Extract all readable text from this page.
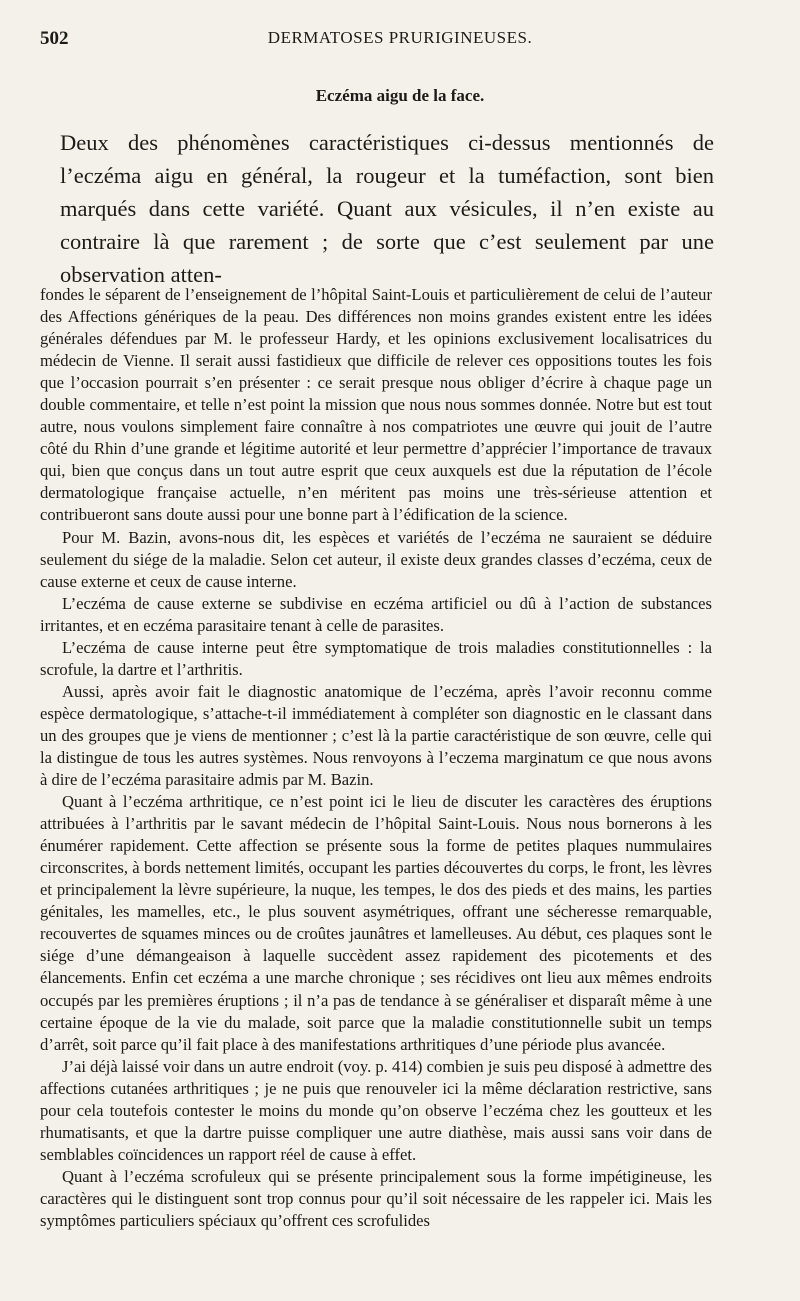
502	DERMATOSES PRURIGINEUSES.
Eczéma aigu de la face.

Deux des phénomènes caractéristiques ci-dessus mentionnés de l’eczéma aigu en général, la rougeur et la tuméfaction, sont bien marqués dans cette variété. Quant aux vésicules, il n’en existe au contraire là que rarement ; de sorte que c’est seulement par une observation atten-

fondes le séparent de l’enseignement de l’hôpital Saint-Louis et particulièrement de celui de l’auteur des Affections génériques de la peau. Des différences non moins grandes existent entre les idées générales défendues par M. le professeur Hardy, et les opinions exclusivement localisatrices du médecin de Vienne. Il serait aussi fastidieux que difficile de relever ces oppositions toutes les fois que l’occasion pourrait s’en présenter : ce serait presque nous obliger d’écrire à chaque page un double commentaire, et telle n’est point la mission que nous nous sommes donnée. Notre but est tout autre, nous voulons simplement faire connaître à nos compatriotes une œuvre qui jouit de l’autre côté du Rhin d’une grande et légitime autorité et leur permettre d’apprécier l’importance de travaux qui, bien que conçus dans un tout autre esprit que ceux auxquels est due la réputation de l’école dermatologique française actuelle, n’en méritent pas moins une très-sérieuse attention et contribueront sans doute aussi pour une bonne part à l’édification de la science.

Pour M. Bazin, avons-nous dit, les espèces et variétés de l’eczéma ne sauraient se déduire seulement du siége de la maladie. Selon cet auteur, il existe deux grandes classes d’eczéma, ceux de cause externe et ceux de cause interne.

L’eczéma de cause externe se subdivise en eczéma artificiel ou dû à l’action de substances irritantes, et en eczéma parasitaire tenant à celle de parasites.

L’eczéma de cause interne peut être symptomatique de trois maladies constitutionnelles : la scrofule, la dartre et l’arthritis.

Aussi, après avoir fait le diagnostic anatomique de l’eczéma, après l’avoir reconnu comme espèce dermatologique, s’attache-t-il immédiatement à compléter son diagnostic en le classant dans un des groupes que je viens de mentionner ; c’est là la partie caractéristique de son œuvre, celle qui la distingue de tous les autres systèmes. Nous renvoyons à l’eczema marginatum ce que nous avons à dire de l’eczéma parasitaire admis par M. Bazin.

Quant à l’eczéma arthritique, ce n’est point ici le lieu de discuter les caractères des éruptions attribuées à l’arthritis par le savant médecin de l’hôpital Saint-Louis. Nous nous bornerons à les énumérer rapidement. Cette affection se présente sous la forme de petites plaques nummulaires circonscrites, à bords nettement limités, occupant les parties découvertes du corps, le front, les lèvres et principalement la lèvre supérieure, la nuque, les tempes, le dos des pieds et des mains, les parties génitales, les mamelles, etc., le plus souvent asymétriques, offrant une sécheresse remarquable, recouvertes de squames minces ou de croûtes jaunâtres et lamelleuses. Au début, ces plaques sont le siége d’une démangeaison à laquelle succèdent assez rapidement des picotements et des élancements. Enfin cet eczéma a une marche chronique ; ses récidives ont lieu aux mêmes endroits occupés par les premières éruptions ; il n’a pas de tendance à se généraliser et disparaît même à une certaine époque de la vie du malade, soit parce que la maladie constitutionnelle subit un temps d’arrêt, soit parce qu’il fait place à des manifestations arthritiques d’une période plus avancée.

J’ai déjà laissé voir dans un autre endroit (voy. p. 414) combien je suis peu disposé à admettre des affections cutanées arthritiques ; je ne puis que renouveler ici la même déclaration restrictive, sans pour cela toutefois contester le moins du monde qu’on observe l’eczéma chez les goutteux et les rhumatisants, et que la dartre puisse compliquer une autre diathèse, mais aussi sans voir dans de semblables coïncidences un rapport réel de cause à effet.

Quant à l’eczéma scrofuleux qui se présente principalement sous la forme impétigineuse, les caractères qui le distinguent sont trop connus pour qu’il soit nécessaire de les rappeler ici. Mais les symptômes particuliers spéciaux qu’offrent ces scrofulides
